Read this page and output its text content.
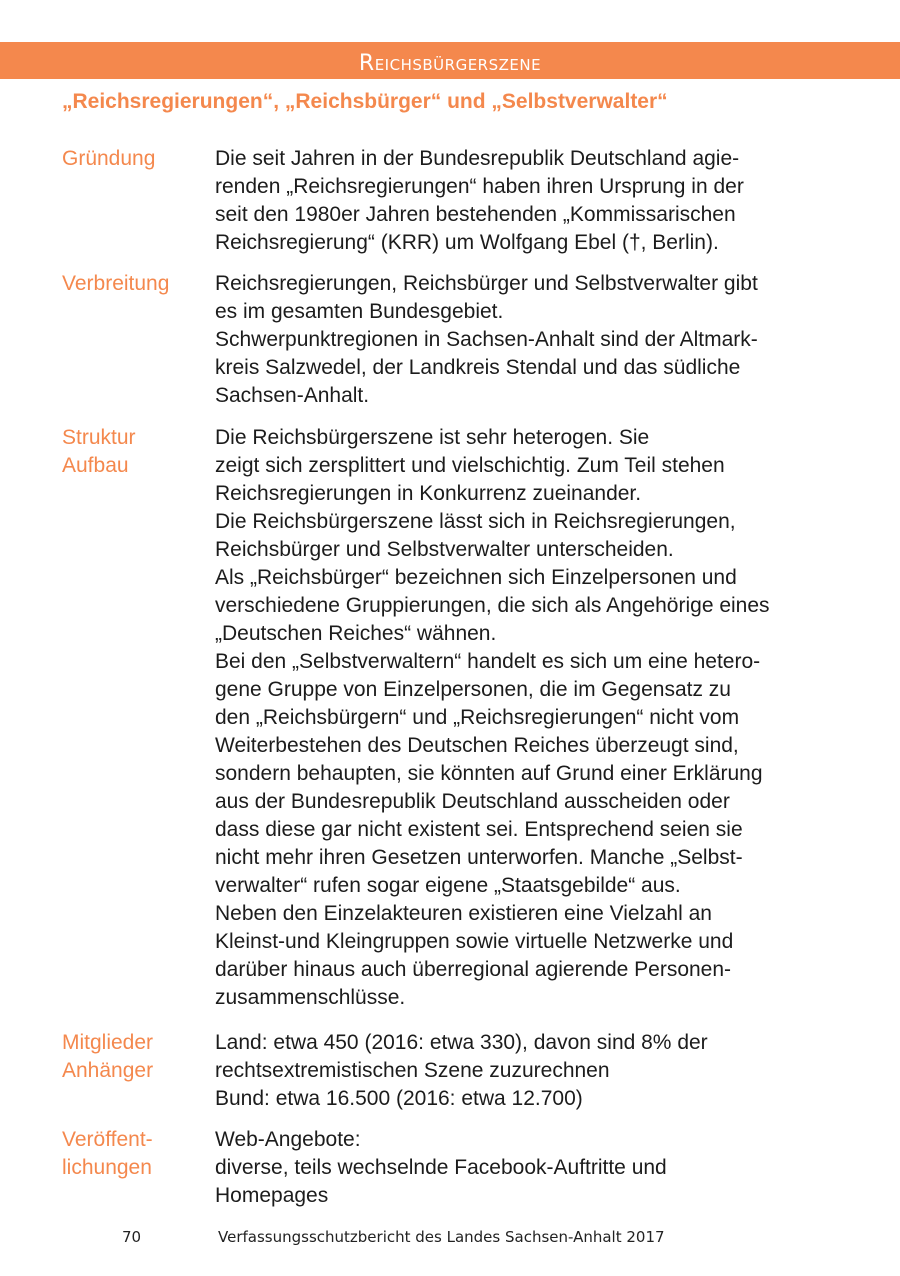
Reichsbürgerszene
„Reichsregierungen“, „Reichsbürger“ und „Selbstverwalter“
Gründung	Die seit Jahren in der Bundesrepublik Deutschland agie-
renden „Reichsregierungen“ haben ihren Ursprung in der
seit den 1980er Jahren bestehenden „Kommissarischen
Reichsregierung“ (KRR) um Wolfgang Ebel (†, Berlin).
Verbreitung Reichsregierungen, Reichsbürger und Selbstverwalter gibt
es im gesamten Bundesgebiet.
Schwerpunktregionen in Sachsen-Anhalt sind der Altmark-
kreis Salzwedel, der Landkreis Stendal und das südliche
Sachsen-Anhalt.
Struktur
Aufbau
Die Reichsbürgerszene ist sehr heterogen. Sie
zeigt sich zersplittert und vielschichtig. Zum Teil stehen
Reichsregierungen in Konkurrenz zueinander.
Die Reichsbürgerszene lässt sich in Reichsregierungen,
Reichsbürger und Selbstverwalter unterscheiden.
Als „Reichsbürger“ bezeichnen sich Einzelpersonen und
verschiedene Gruppierungen, die sich als Angehörige eines
„Deutschen Reiches“ wähnen.
Bei den „Selbstverwaltern“ handelt es sich um eine hetero-
gene Gruppe von Einzelpersonen, die im Gegensatz zu
den „Reichsbürgern“ und „Reichsregierungen“ nicht vom
Weiterbestehen des Deutschen Reiches überzeugt sind,
sondern behaupten, sie könnten auf Grund einer Erklärung
aus der Bundesrepublik Deutschland ausscheiden oder
dass diese gar nicht existent sei. Entsprechend seien sie
nicht mehr ihren Gesetzen unterworfen. Manche „Selbst-
verwalter“ rufen sogar eigene „Staatsgebilde“ aus.
Neben den Einzelakteuren existieren eine Vielzahl an
Kleinst-und Kleingruppen sowie virtuelle Netzwerke und
darüber hinaus auch überregional agierende Personen-
zusammenschlüsse.
Mitglieder
Anhänger
Land: etwa 450 (2016: etwa 330), davon sind 8% der
rechtsextremistischen Szene zuzurechnen
Bund: etwa 16.500 (2016: etwa 12.700)
Veröffent-
lichungen
Web-Angebote:
diverse, teils wechselnde Facebook-Auftritte und
Homepages
70	Verfassungsschutzbericht des Landes Sachsen-Anhalt 2017
